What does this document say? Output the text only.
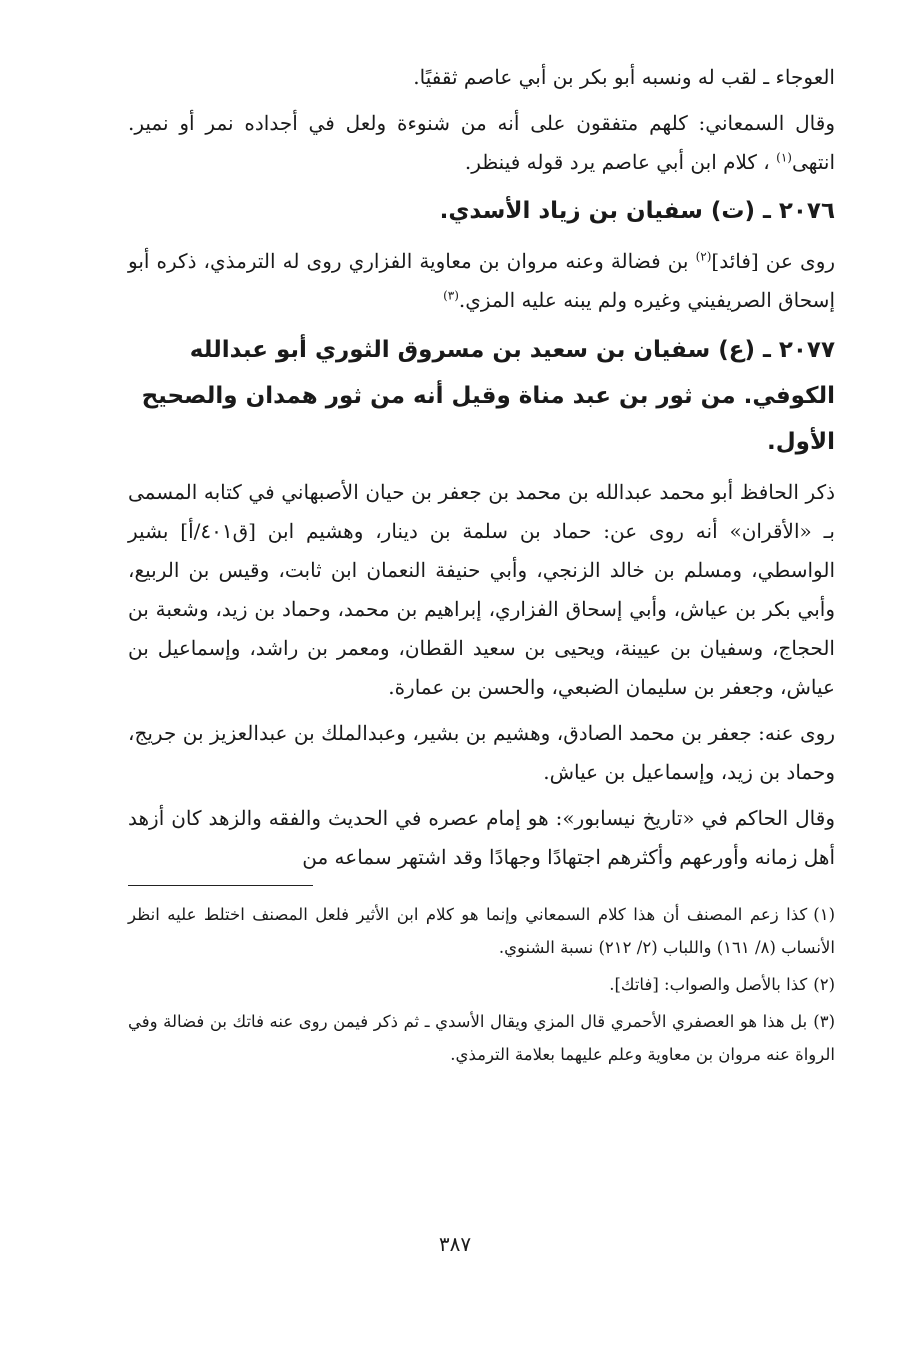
العوجاء ـ لقب له ونسبه أبو بكر بن أبي عاصم ثقفيًا.

وقال السمعاني: كلهم متفقون على أنه من شنوءة ولعل في أجداده نمر أو نمير. انتهى$^{(١)}$ ، كلام ابن أبي عاصم يرد قوله فينظر.

٢٠٧٦ ـ (ت) سفيان بن زياد الأسدي.

روى عن [فائد]$^{(٢)}$ بن فضالة وعنه مروان بن معاوية الفزاري روى له الترمذي، ذكره أبو إسحاق الصريفيني وغيره ولم يبنه عليه المزي.$^{(٣)}$

٢٠٧٧ ـ (ع) سفيان بن سعيد بن مسروق الثوري أبو عبدالله الكوفي. من ثور بن عبد مناة وقيل أنه من ثور همدان والصحيح الأول.

ذكر الحافظ أبو محمد عبدالله بن محمد بن جعفر بن حيان الأصبهاني في كتابه المسمى بـ «الأقران» أنه روى عن: حماد بن سلمة بن دينار، وهشيم ابن [ق٤٠١/أ] بشير الواسطي، ومسلم بن خالد الزنجي، وأبي حنيفة النعمان ابن ثابت، وقيس بن الربيع، وأبي بكر بن عياش، وأبي إسحاق الفزاري، إبراهيم بن محمد، وحماد بن زيد، وشعبة بن الحجاج، وسفيان بن عيينة، ويحيى بن سعيد القطان، ومعمر بن راشد، وإسماعيل بن عياش، وجعفر بن سليمان الضبعي، والحسن بن عمارة.

روى عنه: جعفر بن محمد الصادق، وهشيم بن بشير، وعبدالملك بن عبدالعزيز بن جريج، وحماد بن زيد، وإسماعيل بن عياش.

وقال الحاكم في «تاريخ نيسابور»: هو إمام عصره في الحديث والفقه والزهد كان أزهد أهل زمانه وأورعهم وأكثرهم اجتهادًا وجهادًا وقد اشتهر سماعه من

(١)كذا زعم المصنف أن هذا كلام السمعاني وإنما هو كلام ابن الأثير فلعل المصنف اختلط عليه انظر الأنساب (٨/ ١٦١) واللباب (٢/ ٢١٢) نسبة الشنوي.

(٢)كذا بالأصل والصواب: [فاتك].

(٣)بل هذا هو العصفري الأحمري قال المزي ويقال الأسدي ـ ثم ذكر فيمن روى عنه فاتك بن فضالة وفي الرواة عنه مروان بن معاوية وعلم عليهما بعلامة الترمذي.

٣٨٧
